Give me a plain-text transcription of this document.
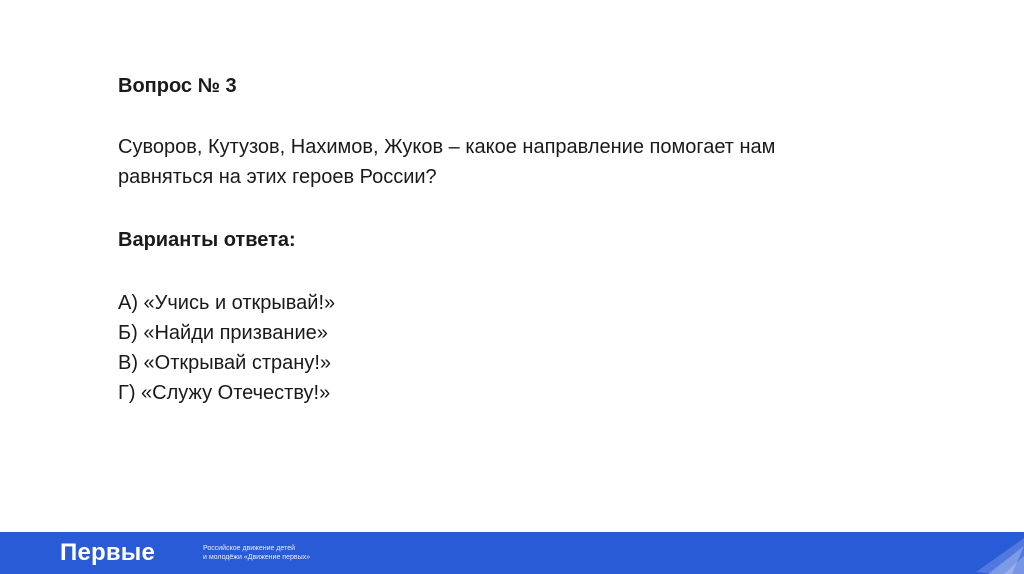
Вопрос № 3

Суворов, Кутузов, Нахимов, Жуков – какое направление помогает нам
равняться на этих героев России?

Варианты ответа:

А) «Учись и открывай!»
Б) «Найди призвание»
В) «Открывай страну!»
Г) «Служу Отечеству!»
Первые	Российское движение детей
и молодёжи «Движение первых»
